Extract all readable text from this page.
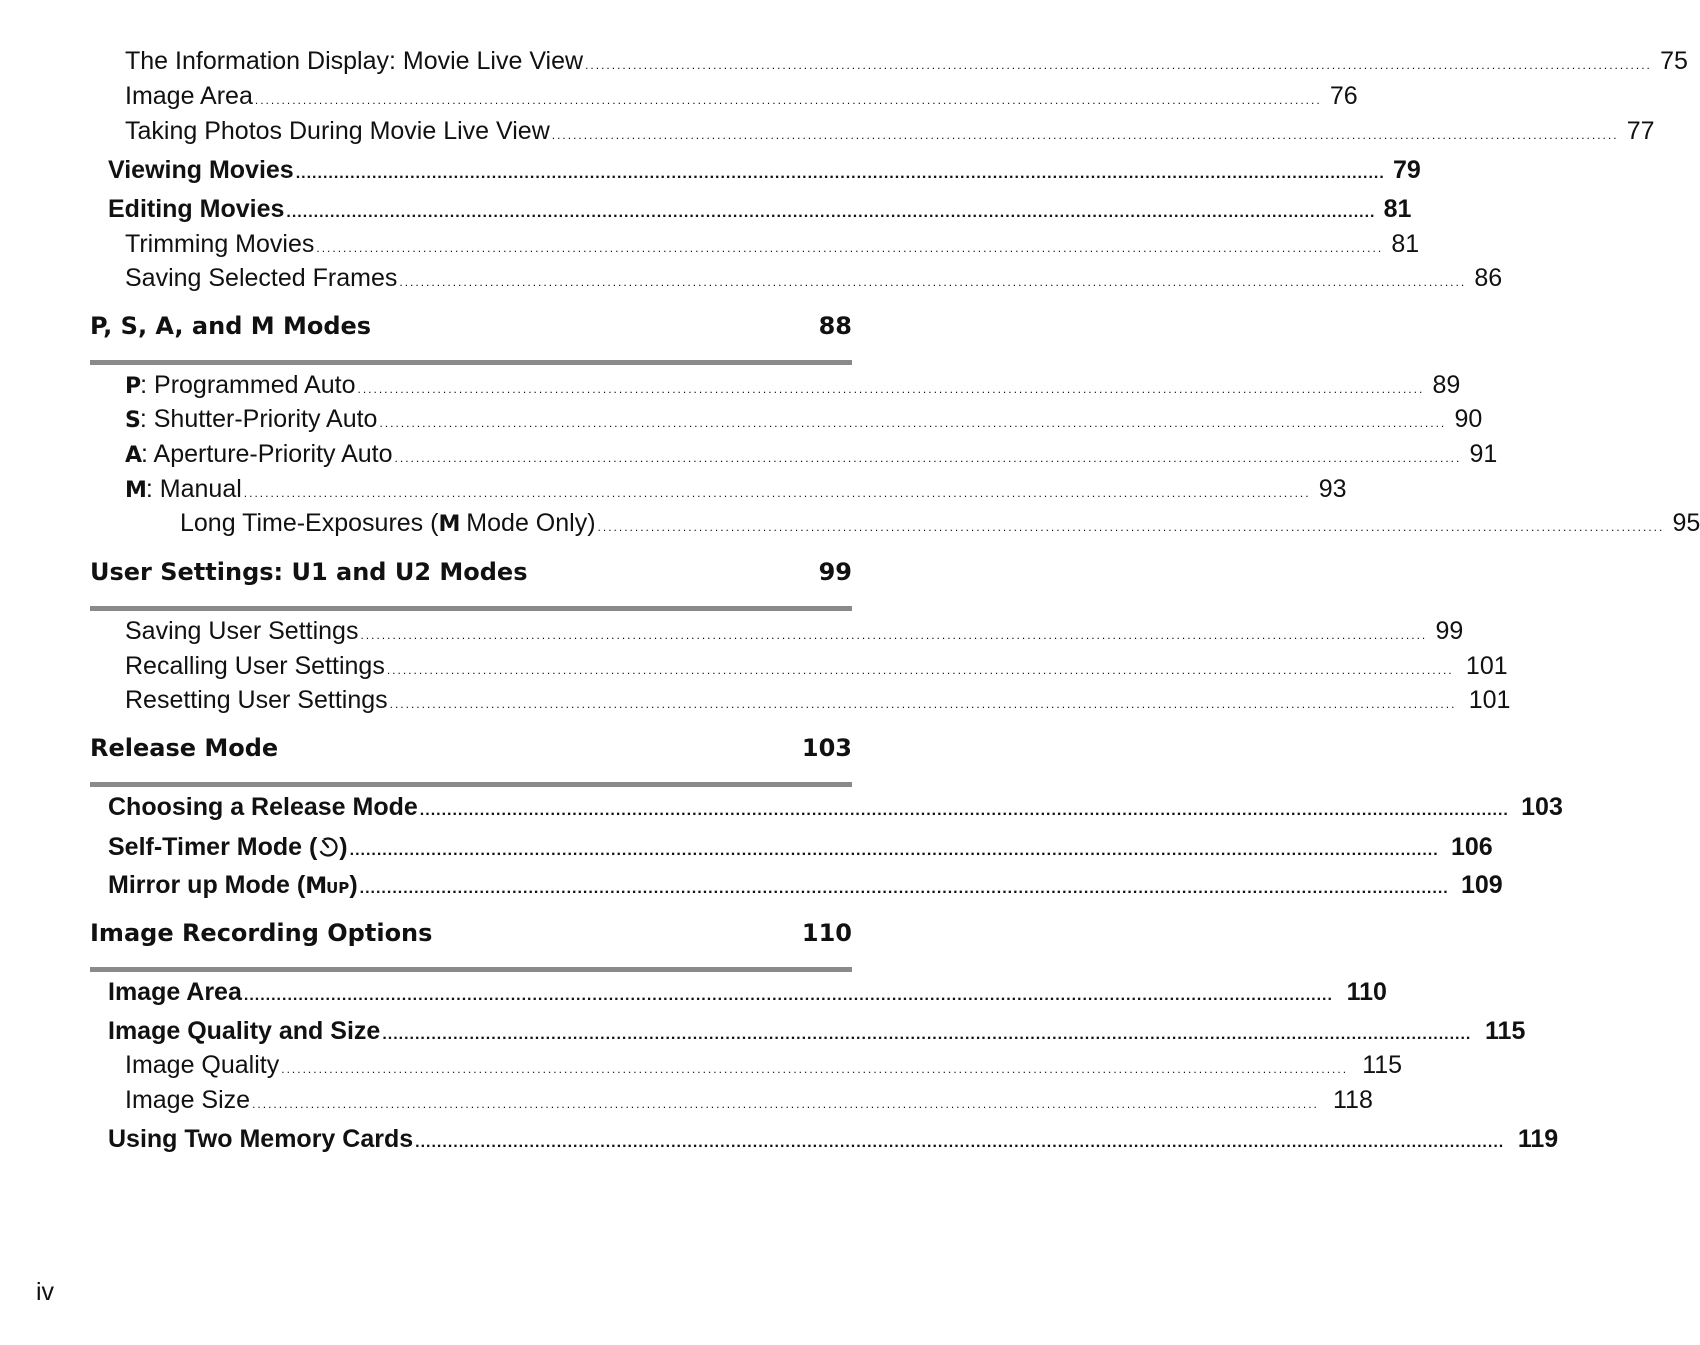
The Information Display: Movie Live View ........................................................................................................................................................................................................ 75
Image Area ........................................................................................................................................................................................................ 76
Taking Photos During Movie Live View ........................................................................................................................................................................................................ 77
Viewing Movies ........................................................................................................................................................................................................ 79
Editing Movies ........................................................................................................................................................................................................ 81
Trimming Movies ........................................................................................................................................................................................................ 81
Saving Selected Frames ........................................................................................................................................................................................................ 86
P, S, A, and M Modes	88
P: Programmed Auto ........................................................................................................................................................................................................ 89
S: Shutter-Priority Auto ........................................................................................................................................................................................................ 90
A: Aperture-Priority Auto ........................................................................................................................................................................................................ 91
M: Manual ........................................................................................................................................................................................................ 93
Long Time-Exposures (M Mode Only) ........................................................................................................................................................................................................ 95
User Settings: U1 and U2 Modes	99
Saving User Settings ........................................................................................................................................................................................................ 99
Recalling User Settings ........................................................................................................................................................................................................ 101
Resetting User Settings ........................................................................................................................................................................................................ 101
Release Mode	103
Choosing a Release Mode ........................................................................................................................................................................................................ 103
Self-Timer Mode ( ) ........................................................................................................................................................................................................ 106
Mirror up Mode (MUP) ........................................................................................................................................................................................................ 109
Image Recording Options	110
Image Area ........................................................................................................................................................................................................ 110
Image Quality and Size ........................................................................................................................................................................................................ 115
Image Quality ........................................................................................................................................................................................................ 115
Image Size ........................................................................................................................................................................................................ 118
Using Two Memory Cards ........................................................................................................................................................................................................ 119
iv
